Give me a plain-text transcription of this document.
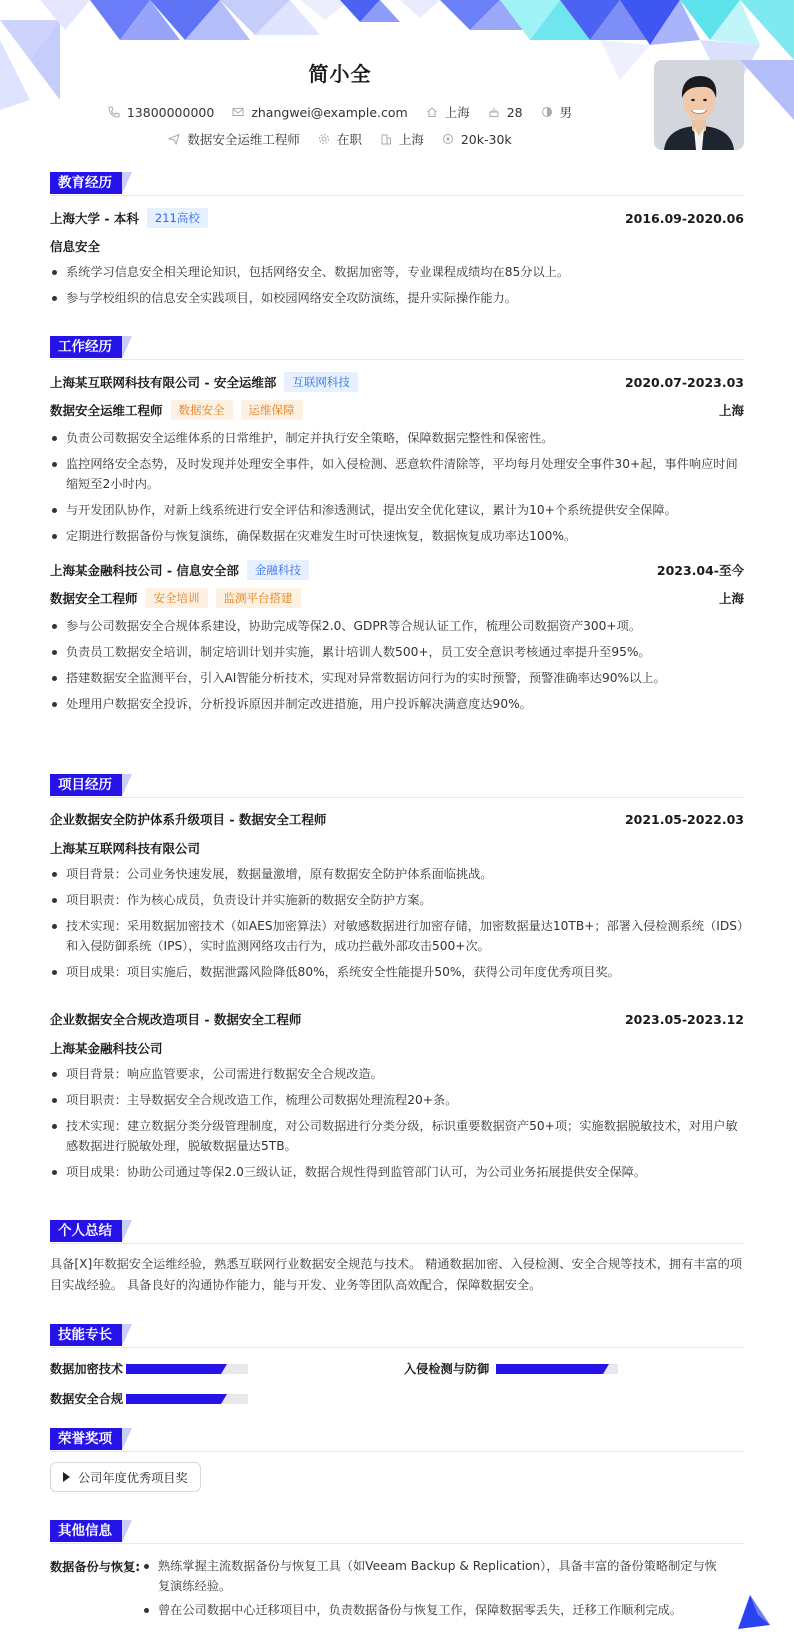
简小全
13800000000	zhangwei@example.com	上海	28	男
数据安全运维工程师	在职	上海	20k-30k
教育经历
上海大学 - 本科	211高校	2016.09-2020.06
信息安全
系统学习信息安全相关理论知识，包括网络安全、数据加密等，专业课程成绩均在85分以上。
参与学校组织的信息安全实践项目，如校园网络安全攻防演练，提升实际操作能力。
工作经历
上海某互联网科技有限公司 - 安全运维部	互联网科技	2020.07-2023.03
数据安全运维工程师	数据安全	运维保障	上海
负责公司数据安全运维体系的日常维护，制定并执行安全策略，保障数据完整性和保密性。
监控网络安全态势，及时发现并处理安全事件，如入侵检测、恶意软件清除等，平均每月处理安全事件30+起，事件响应时间缩短至2小时内。
与开发团队协作，对新上线系统进行安全评估和渗透测试，提出安全优化建议，累计为10+个系统提供安全保障。
定期进行数据备份与恢复演练，确保数据在灾难发生时可快速恢复，数据恢复成功率达100%。
上海某金融科技公司 - 信息安全部	金融科技	2023.04-至今
数据安全工程师	安全培训	监测平台搭建	上海
参与公司数据安全合规体系建设，协助完成等保2.0、GDPR等合规认证工作，梳理公司数据资产300+项。
负责员工数据安全培训，制定培训计划并实施，累计培训人数500+，员工安全意识考核通过率提升至95%。
搭建数据安全监测平台，引入AI智能分析技术，实现对异常数据访问行为的实时预警，预警准确率达90%以上。
处理用户数据安全投诉，分析投诉原因并制定改进措施，用户投诉解决满意度达90%。
项目经历
企业数据安全防护体系升级项目 - 数据安全工程师	2021.05-2022.03
上海某互联网科技有限公司
项目背景：公司业务快速发展，数据量激增，原有数据安全防护体系面临挑战。
项目职责：作为核心成员，负责设计并实施新的数据安全防护方案。
技术实现：采用数据加密技术（如AES加密算法）对敏感数据进行加密存储，加密数据量达10TB+；部署入侵检测系统（IDS）和入侵防御系统（IPS），实时监测网络攻击行为，成功拦截外部攻击500+次。
项目成果：项目实施后，数据泄露风险降低80%，系统安全性能提升50%，获得公司年度优秀项目奖。
企业数据安全合规改造项目 - 数据安全工程师	2023.05-2023.12
上海某金融科技公司
项目背景：响应监管要求，公司需进行数据安全合规改造。
项目职责：主导数据安全合规改造工作，梳理公司数据处理流程20+条。
技术实现：建立数据分类分级管理制度，对公司数据进行分类分级，标识重要数据资产50+项；实施数据脱敏技术，对用户敏感数据进行脱敏处理，脱敏数据量达5TB。
项目成果：协助公司通过等保2.0三级认证，数据合规性得到监管部门认可，为公司业务拓展提供安全保障。
个人总结
具备[X]年数据安全运维经验，熟悉互联网行业数据安全规范与技术。 精通数据加密、入侵检测、安全合规等技术，拥有丰富的项目实战经验。 具备良好的沟通协作能力，能与开发、业务等团队高效配合，保障数据安全。
技能专长
数据加密技术	入侵检测与防御
数据安全合规
荣誉奖项
公司年度优秀项目奖
其他信息
数据备份与恢复:	熟练掌握主流数据备份与恢复工具（如Veeam Backup & Replication），具备丰富的备份策略制定与恢复演练经验。
曾在公司数据中心迁移项目中，负责数据备份与恢复工作，保障数据零丢失，迁移工作顺利完成。
